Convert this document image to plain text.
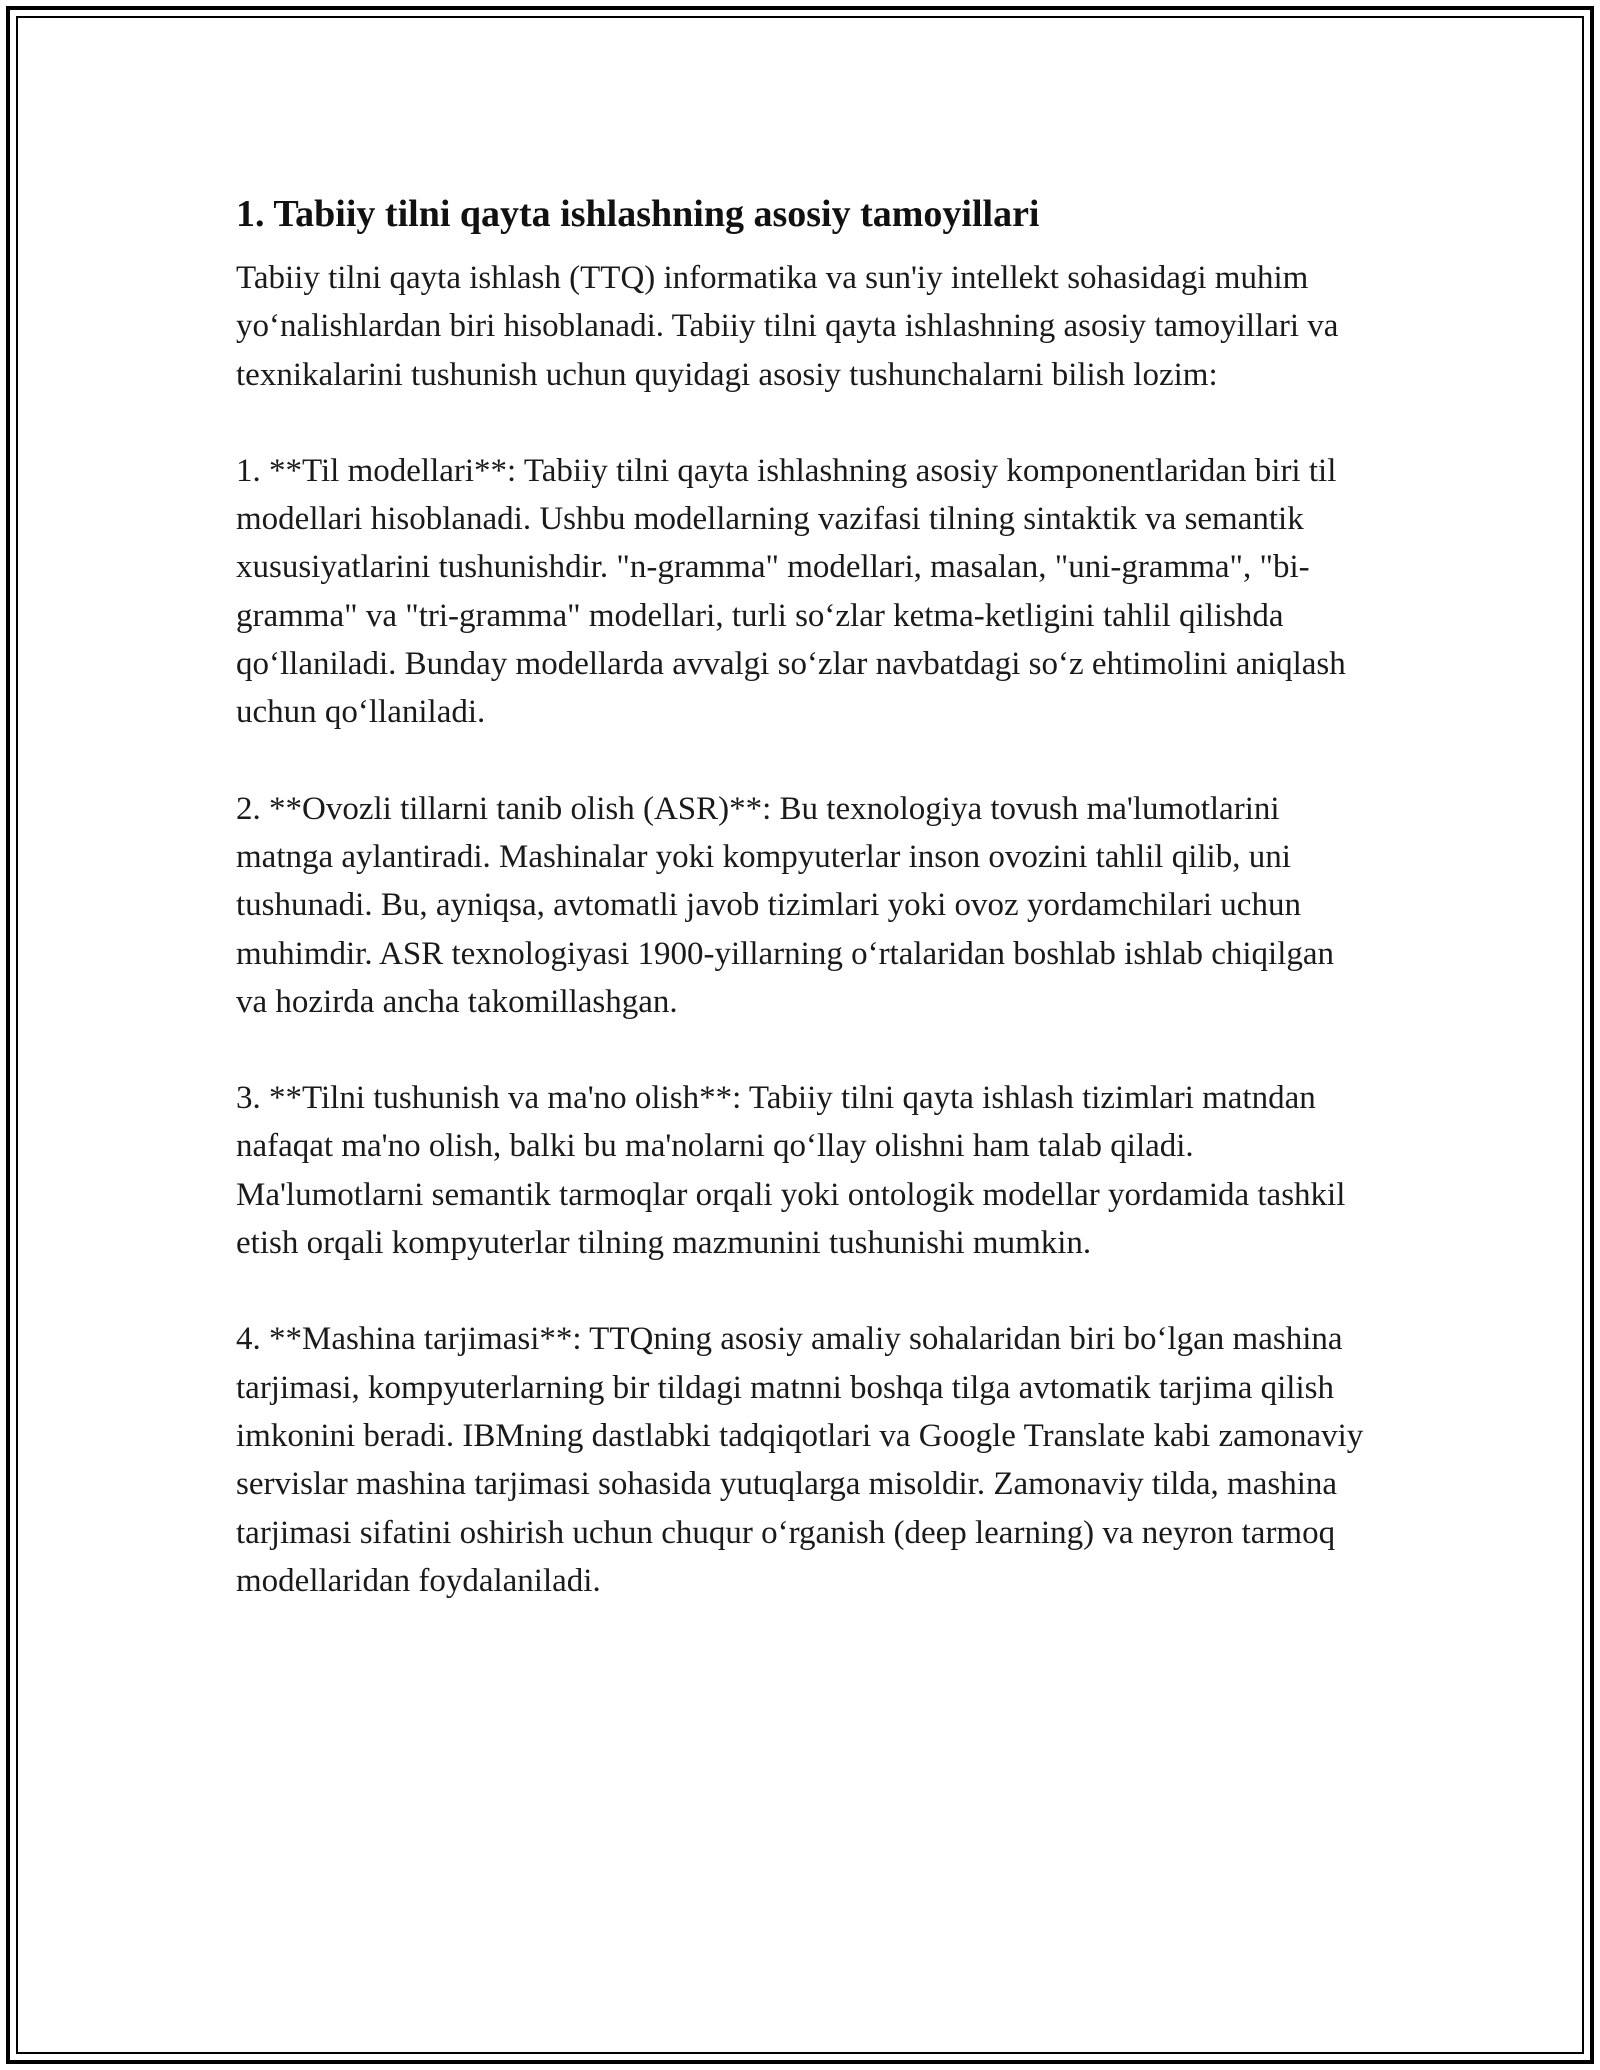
1. Tabiiy tilni qayta ishlashning asosiy tamoyillari

Tabiiy tilni qayta ishlash (TTQ) informatika va sun'iy intellekt sohasidagi muhim yo‘nalishlardan biri hisoblanadi. Tabiiy tilni qayta ishlashning asosiy tamoyillari va texnikalarini tushunish uchun quyidagi asosiy tushunchalarni bilish lozim:

1. **Til modellari**: Tabiiy tilni qayta ishlashning asosiy komponentlaridan biri til modellari hisoblanadi. Ushbu modellarning vazifasi tilning sintaktik va semantik xususiyatlarini tushunishdir. "n-gramma" modellari, masalan, "uni-gramma", "bi-gramma" va "tri-gramma" modellari, turli so‘zlar ketma-ketligini tahlil qilishda qo‘llaniladi. Bunday modellarda avvalgi so‘zlar navbatdagi so‘z ehtimolini aniqlash uchun qo‘llaniladi.

2. **Ovozli tillarni tanib olish (ASR)**: Bu texnologiya tovush ma'lumotlarini matnga aylantiradi. Mashinalar yoki kompyuterlar inson ovozini tahlil qilib, uni tushunadi. Bu, ayniqsa, avtomatli javob tizimlari yoki ovoz yordamchilari uchun muhimdir. ASR texnologiyasi 1900-yillarning o‘rtalaridan boshlab ishlab chiqilgan va hozirda ancha takomillashgan.

3. **Tilni tushunish va ma'no olish**: Tabiiy tilni qayta ishlash tizimlari matndan nafaqat ma'no olish, balki bu ma'nolarni qo‘llay olishni ham talab qiladi. Ma'lumotlarni semantik tarmoqlar orqali yoki ontologik modellar yordamida tashkil etish orqali kompyuterlar tilning mazmunini tushunishi mumkin.

4. **Mashina tarjimasi**: TTQning asosiy amaliy sohalaridan biri bo‘lgan mashina tarjimasi, kompyuterlarning bir tildagi matnni boshqa tilga avtomatik tarjima qilish imkonini beradi. IBMning dastlabki tadqiqotlari va Google Translate kabi zamonaviy servislar mashina tarjimasi sohasida yutuqlarga misoldir. Zamonaviy tilda, mashina tarjimasi sifatini oshirish uchun chuqur o‘rganish (deep learning) va neyron tarmoq modellaridan foydalaniladi.
